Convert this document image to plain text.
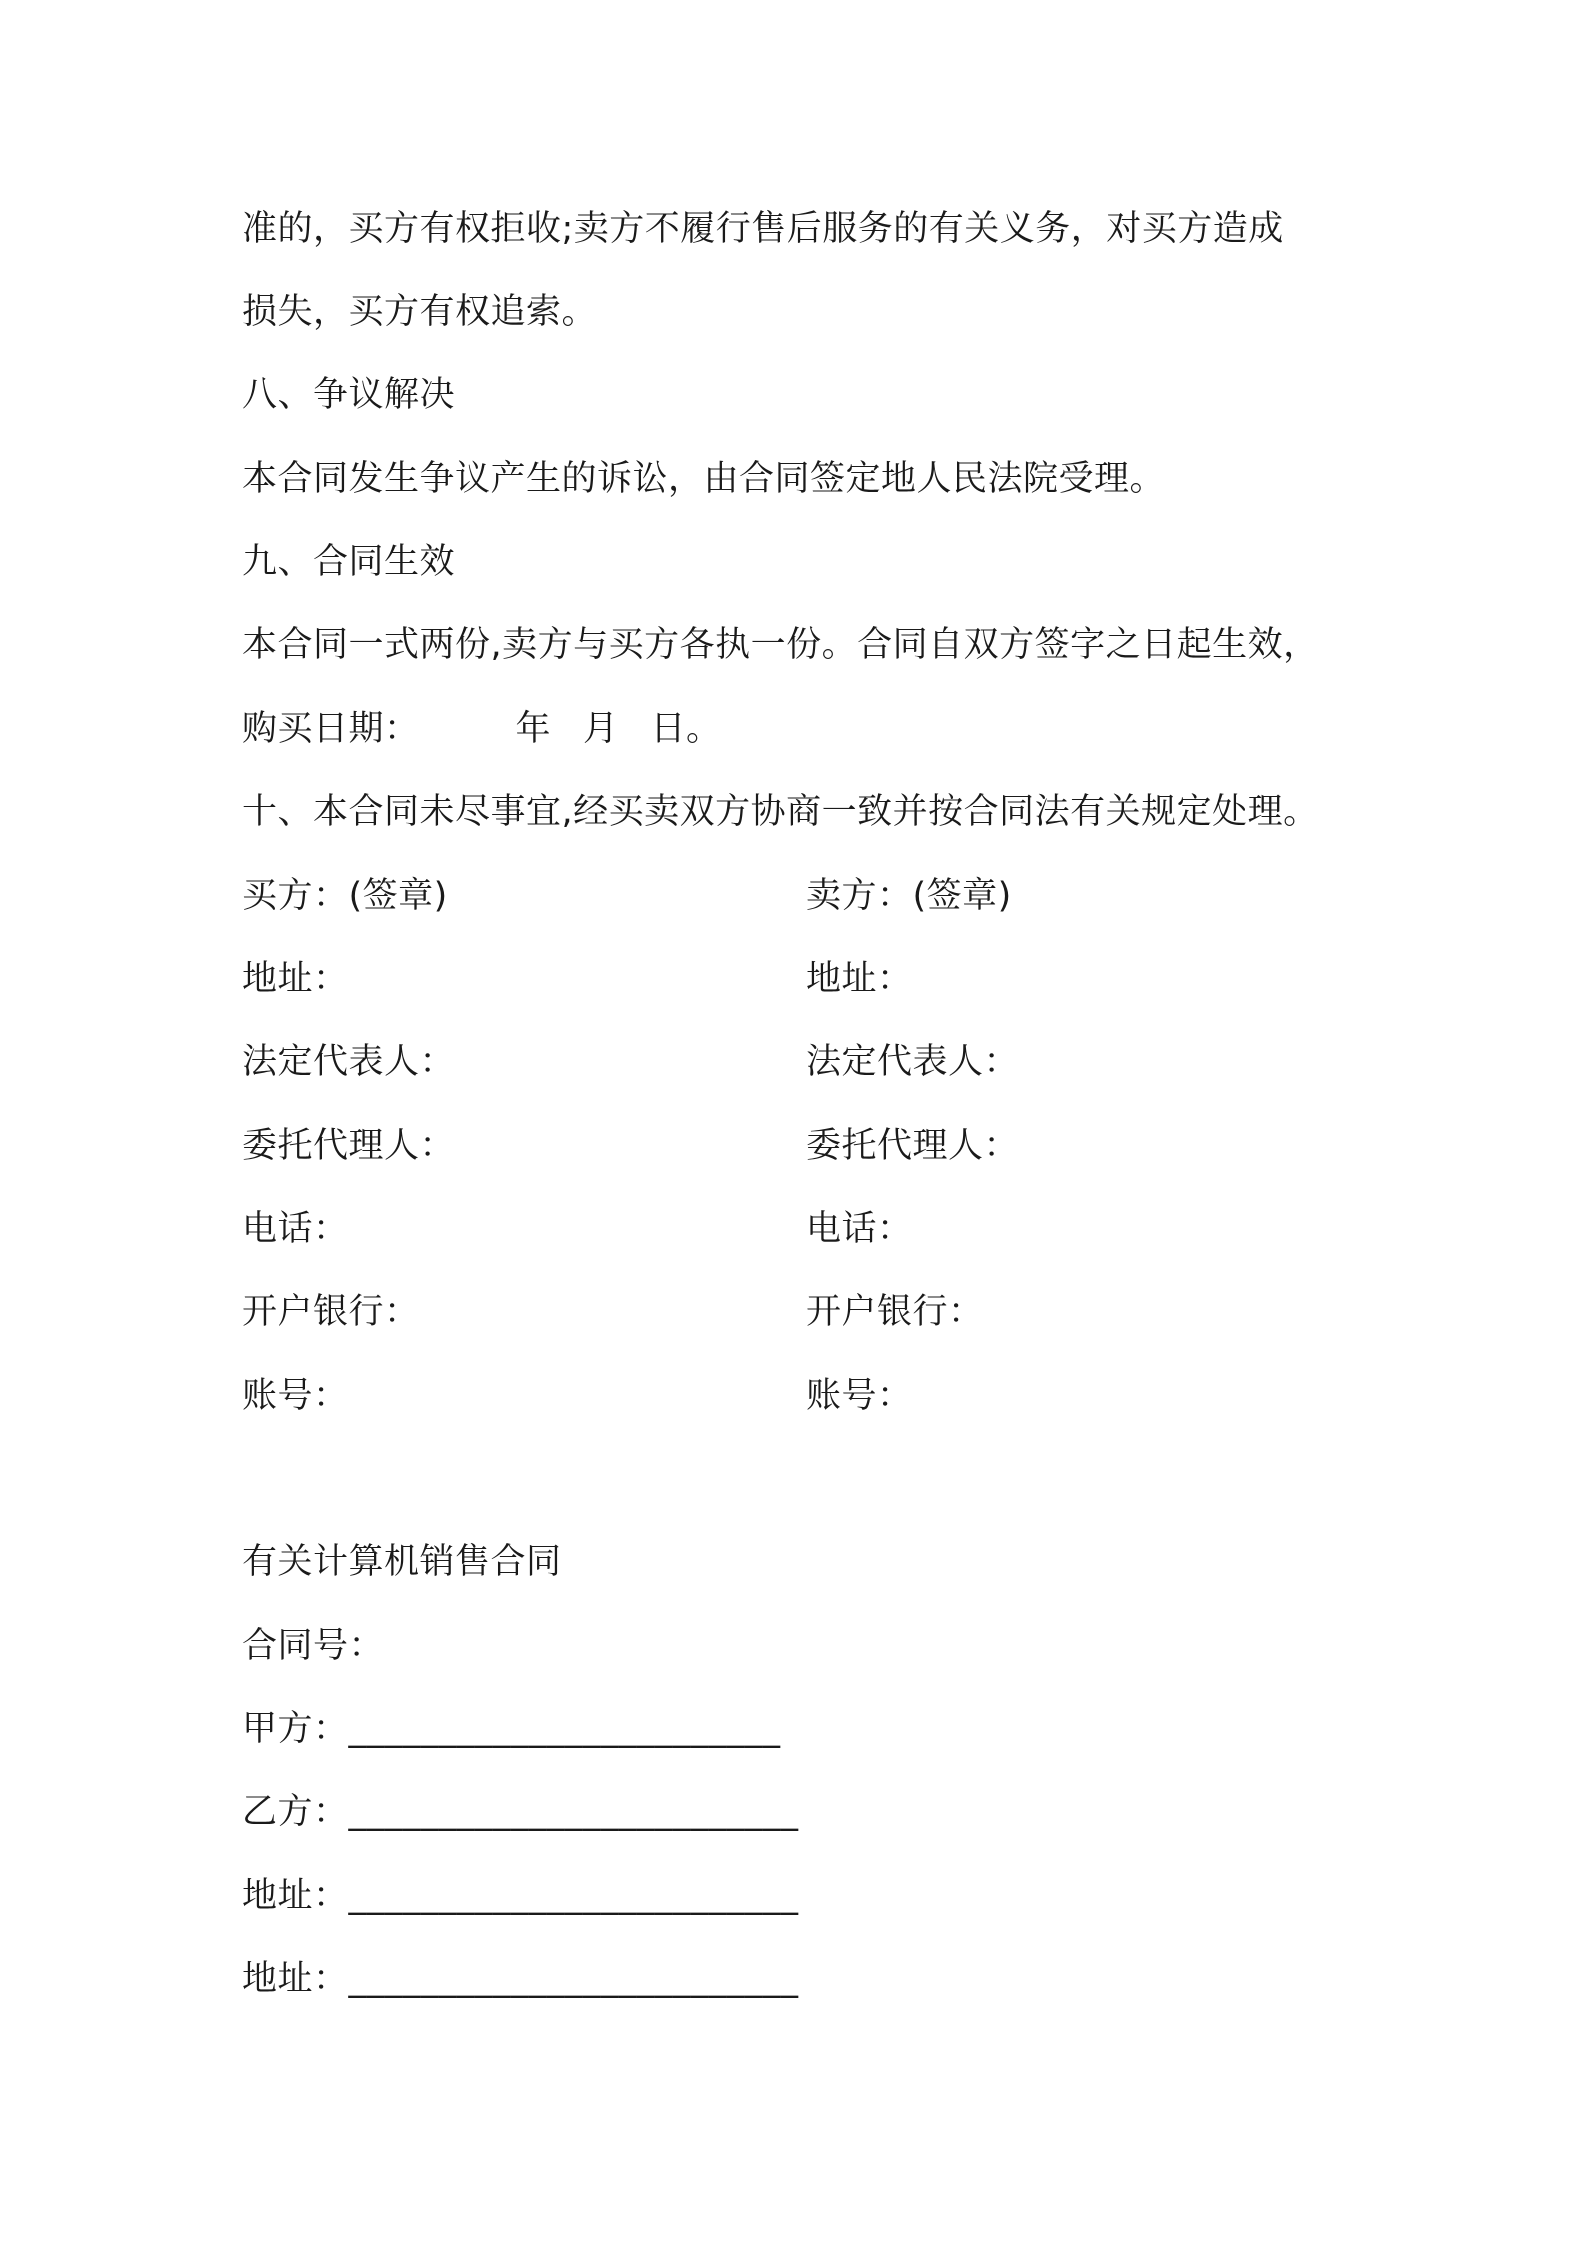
准的，买方有权拒收;卖方不履行售后服务的有关义务，对买方造成
损失，买方有权追索。
八、争议解决
本合同发生争议产生的诉讼，由合同签定地人民法院受理。
九、合同生效
本合同一式两份,卖方与买方各执一份。合同自双方签字之日起生效，
购买日期：	年 月 日。
十、本合同未尽事宜,经买卖双方协商一致并按合同法有关规定处理。
买方：(签章)
地址：
法定代表人：
委托代理人：
电话：
开户银行：
账号：
卖方：(签章)
地址：
法定代表人：
委托代理人：
电话：
开户银行：
账号：
有关计算机销售合同
合同号：
甲方：________________________
乙方：_________________________
地址：_________________________
地址：_________________________
